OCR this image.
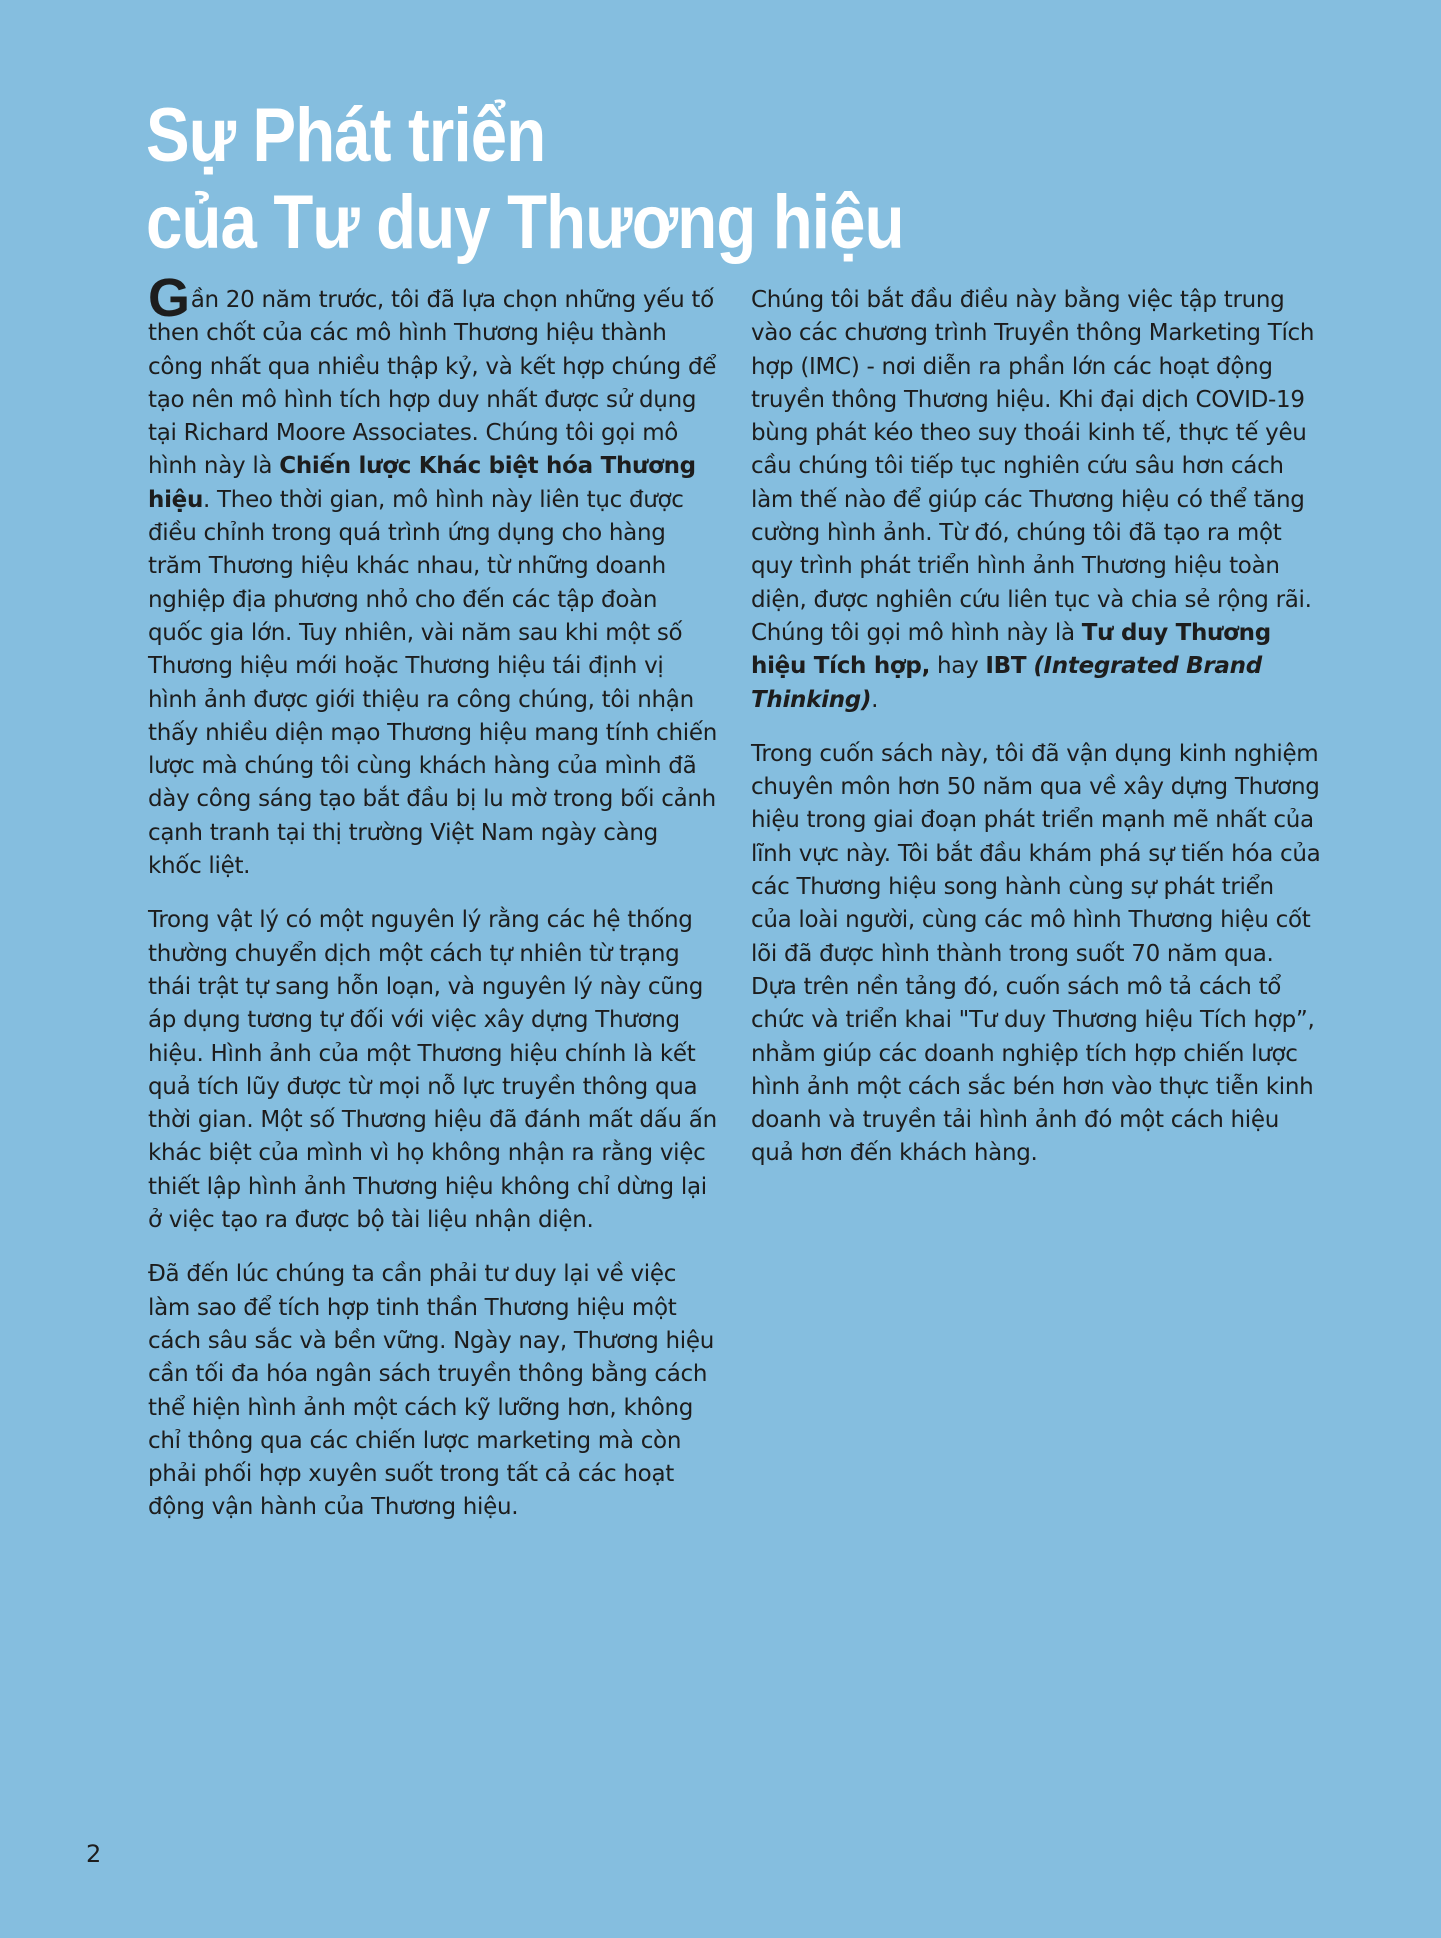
Sự Phát triển
của Tư duy Thương hiệu

Gần 20 năm trước, tôi đã lựa chọn những yếu tố then chốt của các mô hình Thương hiệu thành công nhất qua nhiều thập kỷ, và kết hợp chúng để tạo nên mô hình tích hợp duy nhất được sử dụng tại Richard Moore Associates. Chúng tôi gọi mô hình này là Chiến lược Khác biệt hóa Thương hiệu. Theo thời gian, mô hình này liên tục được điều chỉnh trong quá trình ứng dụng cho hàng trăm Thương hiệu khác nhau, từ những doanh nghiệp địa phương nhỏ cho đến các tập đoàn quốc gia lớn. Tuy nhiên, vài năm sau khi một số Thương hiệu mới hoặc Thương hiệu tái định vị hình ảnh được giới thiệu ra công chúng, tôi nhận thấy nhiều diện mạo Thương hiệu mang tính chiến lược mà chúng tôi cùng khách hàng của mình đã dày công sáng tạo bắt đầu bị lu mờ trong bối cảnh cạnh tranh tại thị trường Việt Nam ngày càng khốc liệt.

Trong vật lý có một nguyên lý rằng các hệ thống thường chuyển dịch một cách tự nhiên từ trạng thái trật tự sang hỗn loạn, và nguyên lý này cũng áp dụng tương tự đối với việc xây dựng Thương hiệu. Hình ảnh của một Thương hiệu chính là kết quả tích lũy được từ mọi nỗ lực truyền thông qua thời gian. Một số Thương hiệu đã đánh mất dấu ấn khác biệt của mình vì họ không nhận ra rằng việc thiết lập hình ảnh Thương hiệu không chỉ dừng lại ở việc tạo ra được bộ tài liệu nhận diện.

Đã đến lúc chúng ta cần phải tư duy lại về việc làm sao để tích hợp tinh thần Thương hiệu một cách sâu sắc và bền vững. Ngày nay, Thương hiệu cần tối đa hóa ngân sách truyền thông bằng cách thể hiện hình ảnh một cách kỹ lưỡng hơn, không chỉ thông qua các chiến lược marketing mà còn phải phối hợp xuyên suốt trong tất cả các hoạt động vận hành của Thương hiệu.

Chúng tôi bắt đầu điều này bằng việc tập trung vào các chương trình Truyền thông Marketing Tích hợp (IMC) - nơi diễn ra phần lớn các hoạt động truyền thông Thương hiệu. Khi đại dịch COVID-19 bùng phát kéo theo suy thoái kinh tế, thực tế yêu cầu chúng tôi tiếp tục nghiên cứu sâu hơn cách làm thế nào để giúp các Thương hiệu có thể tăng cường hình ảnh. Từ đó, chúng tôi đã tạo ra một quy trình phát triển hình ảnh Thương hiệu toàn diện, được nghiên cứu liên tục và chia sẻ rộng rãi. Chúng tôi gọi mô hình này là Tư duy Thương hiệu Tích hợp, hay IBT (Integrated Brand Thinking).

Trong cuốn sách này, tôi đã vận dụng kinh nghiệm chuyên môn hơn 50 năm qua về xây dựng Thương hiệu trong giai đoạn phát triển mạnh mẽ nhất của lĩnh vực này. Tôi bắt đầu khám phá sự tiến hóa của các Thương hiệu song hành cùng sự phát triển của loài người, cùng các mô hình Thương hiệu cốt lõi đã được hình thành trong suốt 70 năm qua. Dựa trên nền tảng đó, cuốn sách mô tả cách tổ chức và triển khai "Tư duy Thương hiệu Tích hợp”, nhằm giúp các doanh nghiệp tích hợp chiến lược hình ảnh một cách sắc bén hơn vào thực tiễn kinh doanh và truyền tải hình ảnh đó một cách hiệu quả hơn đến khách hàng.

2
